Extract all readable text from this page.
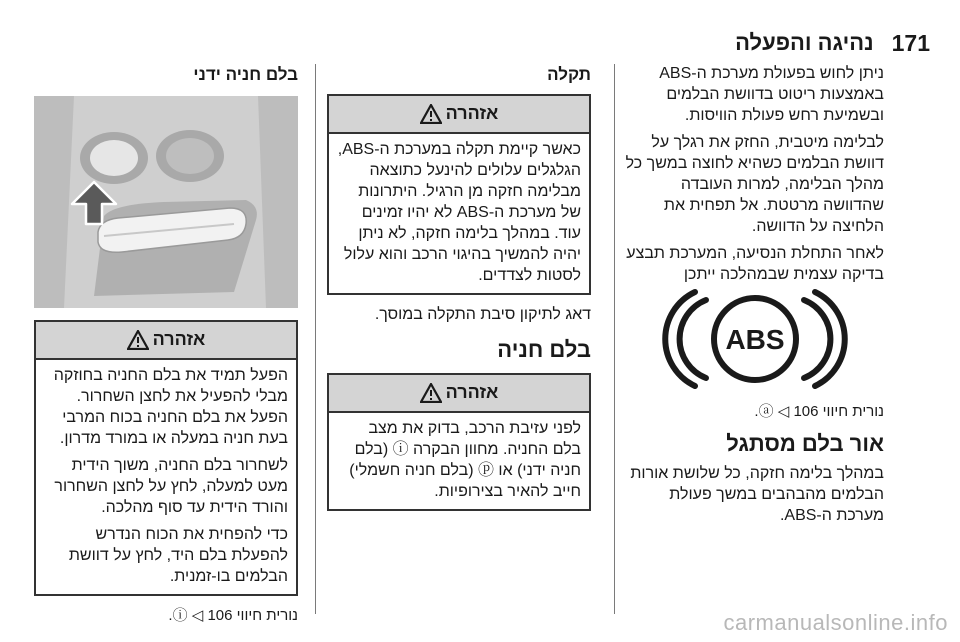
171
נהיגה והפעלה

ניתן לחוש בפעולת מערכת ה-ABS באמצעות ריטוט בדוושת הבלמים ובשמיעת רחש פעולת הוויסות.

לבלימה מיטבית, החזק את רגלך על דוושת הבלמים כשהיא לחוצה במשך כל מהלך הבלימה, למרות העובדה שהדוושה מרטטת. אל תפחית את הלחיצה על הדוושה.

לאחר התחלת הנסיעה, המערכת תבצע בדיקה עצמית שבמהלכה ייתכן

ABS

נורית חיווי ⓐ ◁ 106.

אור בלם מסתגל

במהלך בלימה חזקה, כל שלושת אורות הבלמים מהבהבים במשך פעולת מערכת ה-ABS.

תקלה

אזהרה

כאשר קיימת תקלה במערכת ה-ABS, הגלגלים עלולים להינעל כתוצאה מבלימה חזקה מן הרגיל. היתרונות של מערכת ה-ABS לא יהיו זמינים עוד. במהלך בלימה חזקה, לא ניתן יהיה להמשיך בהיגוי הרכב והוא עלול לסטות לצדדים.

דאג לתיקון סיבת התקלה במוסך.

בלם חניה

אזהרה

לפני עזיבת הרכב, בדוק את מצב בלם החניה. מחוון הבקרה ⓘ (בלם חניה ידני) או ⓟ (בלם חניה חשמלי) חייב להאיר בצירופיות.

בלם חניה ידני

אזהרה

הפעל תמיד את בלם החניה בחוזקה מבלי להפעיל את לחצן השחרור. הפעל את בלם החניה בכוח המרבי בעת חניה במעלה או במורד מדרון.

לשחרור בלם החניה, משוך הידית מעט למעלה, לחץ על לחצן השחרור והורד הידית עד סוף מהלכה.

כדי להפחית את הכוח הנדרש להפעלת בלם היד, לחץ על דוושת הבלמים בו-זמנית.

נורית חיווי ⓘ ◁ 106.	carmanualsonline.info
